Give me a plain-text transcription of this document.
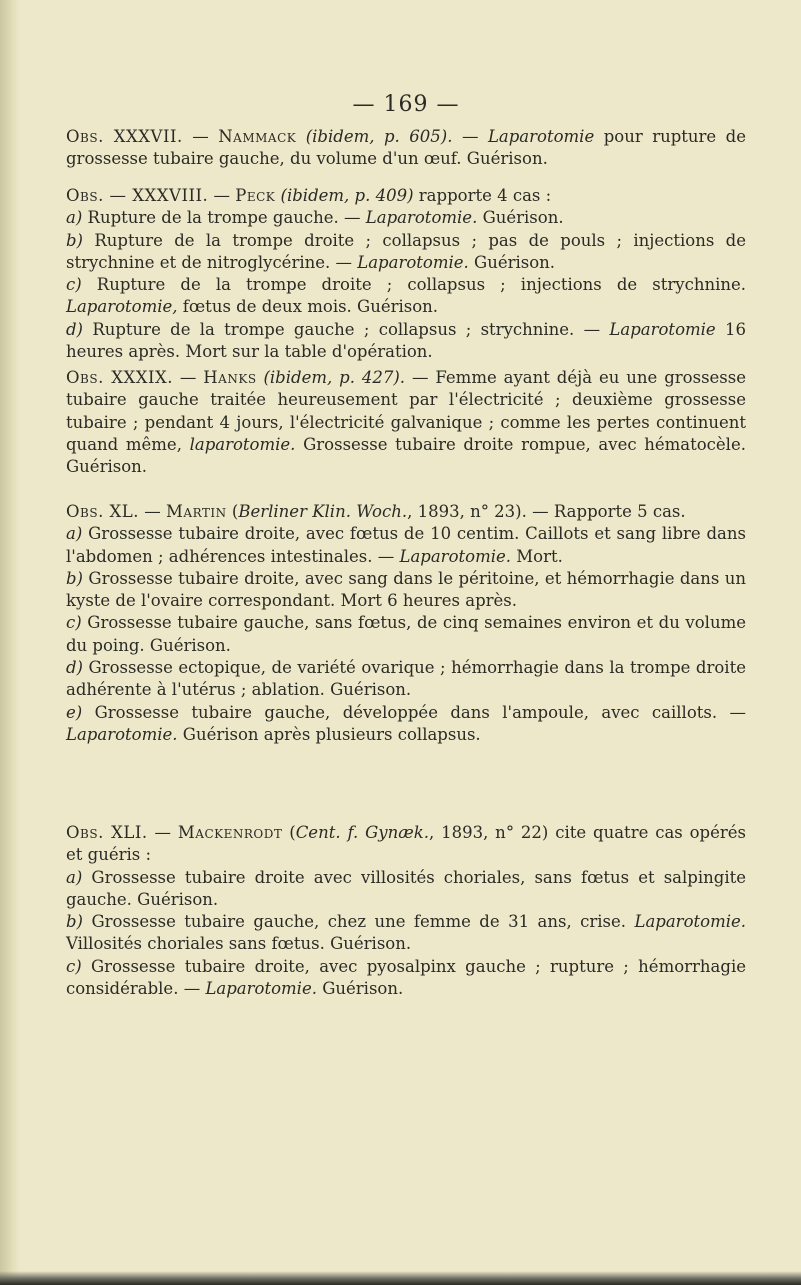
— 169 —

Obs. XXXVII. — Nammack (ibidem, p. 605). — Laparotomie pour rupture de grossesse tubaire gauche, du volume d'un œuf. Guérison.

Obs. — XXXVIII. — Peck (ibidem, p. 409) rapporte 4 cas :

a) Rupture de la trompe gauche. — Laparotomie. Guérison.

b) Rupture de la trompe droite ; collapsus ; pas de pouls ; injections de strychnine et de nitroglycérine. — Laparotomie. Guérison.

c) Rupture de la trompe droite ; collapsus ; injections de strychnine. Laparotomie, fœtus de deux mois. Guérison.

d) Rupture de la trompe gauche ; collapsus ; strychnine. — Laparotomie 16 heures après. Mort sur la table d'opération.

Obs. XXXIX. — Hanks (ibidem, p. 427). — Femme ayant déjà eu une grossesse tubaire gauche traitée heureusement par l'électricité ; deuxième grossesse tubaire ; pendant 4 jours, l'électricité galvanique ; comme les pertes continuent quand même, laparotomie. Grossesse tubaire droite rompue, avec hématocèle. Guérison.

Obs. XL. — Martin (Berliner Klin. Woch., 1893, n° 23). — Rapporte 5 cas.

a) Grossesse tubaire droite, avec fœtus de 10 centim. Caillots et sang libre dans l'abdomen ; adhérences intestinales. — Laparotomie. Mort.

b) Grossesse tubaire droite, avec sang dans le péritoine, et hémorrhagie dans un kyste de l'ovaire correspondant. Mort 6 heures après.

c) Grossesse tubaire gauche, sans fœtus, de cinq semaines environ et du volume du poing. Guérison.

d) Grossesse ectopique, de variété ovarique ; hémorrhagie dans la trompe droite adhérente à l'utérus ; ablation. Guérison.

e) Grossesse tubaire gauche, développée dans l'ampoule, avec caillots. — Laparotomie. Guérison après plusieurs collapsus.

Obs. XLI. — Mackenrodt (Cent. f. Gynæk., 1893, n° 22) cite quatre cas opérés et guéris :

a) Grossesse tubaire droite avec villosités choriales, sans fœtus et salpingite gauche. Guérison.

b) Grossesse tubaire gauche, chez une femme de 31 ans, crise. Laparotomie. Villosités choriales sans fœtus. Guérison.

c) Grossesse tubaire droite, avec pyosalpinx gauche ; rupture ; hémorrhagie considérable. — Laparotomie. Guérison.
